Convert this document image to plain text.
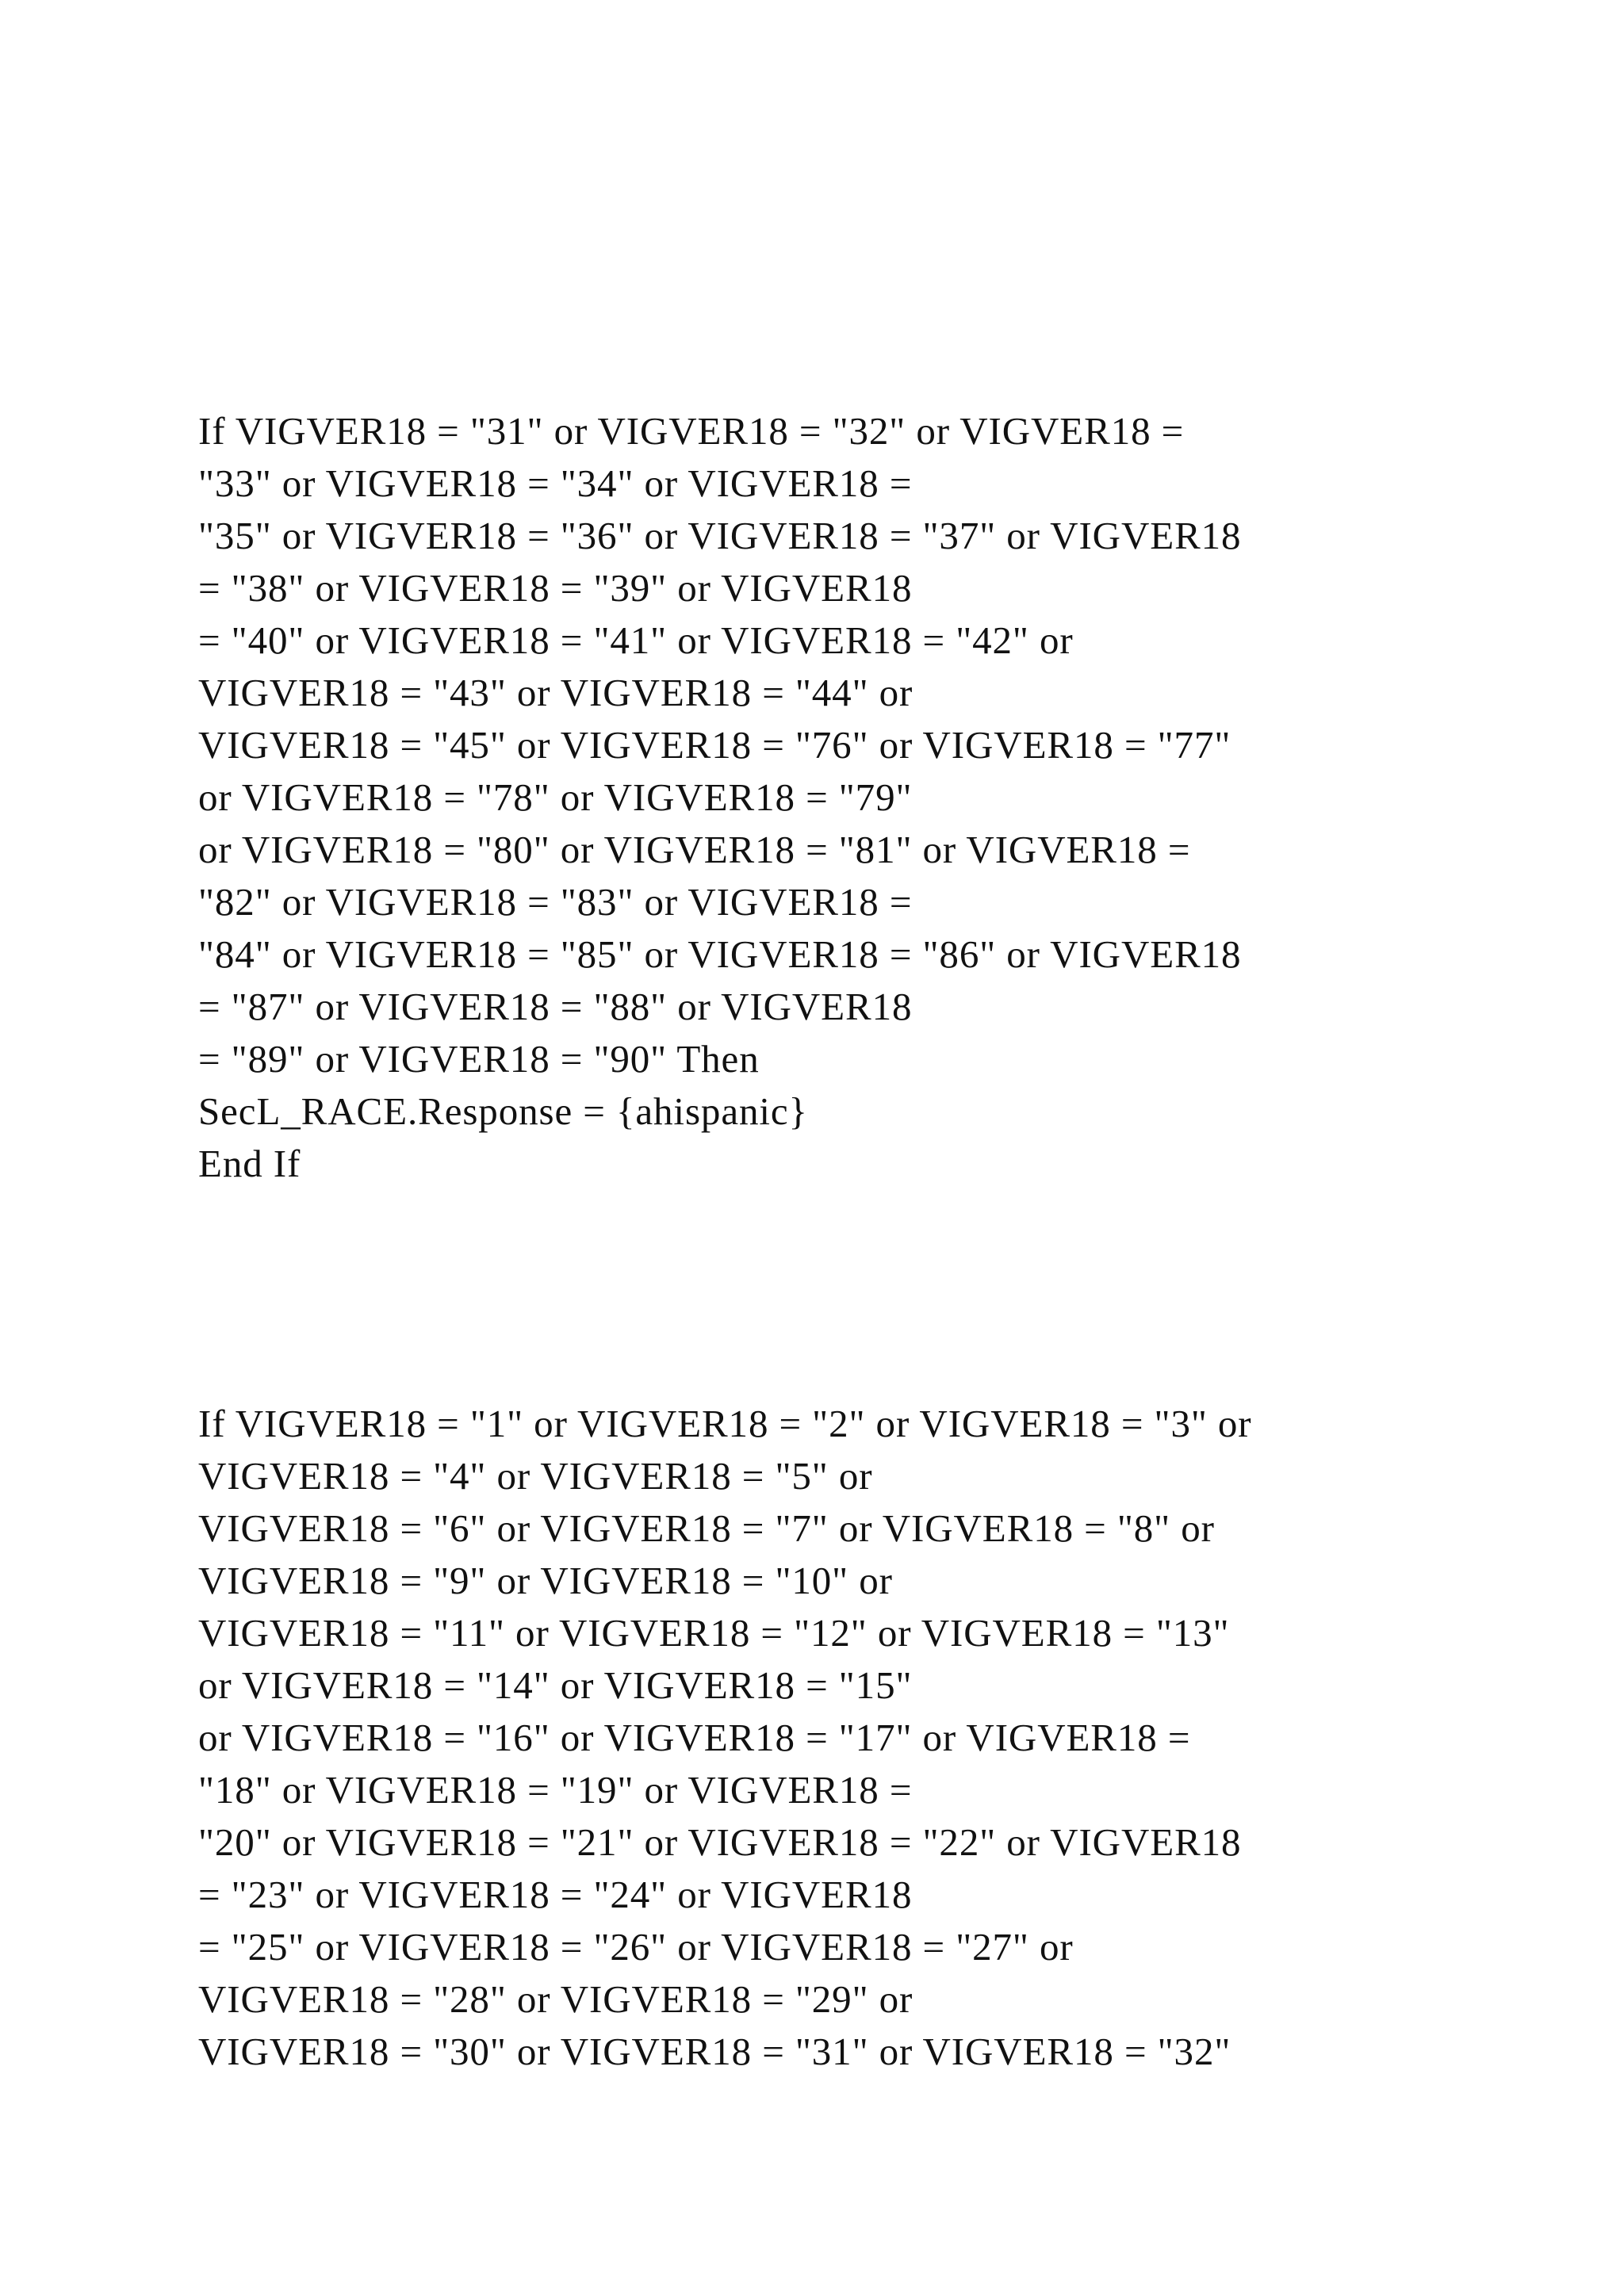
If VIGVER18 = "31" or VIGVER18 = "32" or VIGVER18 =
"33" or VIGVER18 = "34" or VIGVER18 =
"35" or VIGVER18 = "36" or VIGVER18 = "37" or VIGVER18
= "38" or VIGVER18 = "39" or VIGVER18
= "40" or VIGVER18 = "41" or VIGVER18 = "42" or
VIGVER18 = "43" or VIGVER18 = "44" or
VIGVER18 = "45" or VIGVER18 = "76" or VIGVER18 = "77"
or VIGVER18 = "78" or VIGVER18 = "79"
or VIGVER18 = "80" or VIGVER18 = "81" or VIGVER18 =
"82" or VIGVER18 = "83" or VIGVER18 =
"84" or VIGVER18 = "85" or VIGVER18 = "86" or VIGVER18
= "87" or VIGVER18 = "88" or VIGVER18
= "89" or VIGVER18 = "90" Then
SecL_RACE.Response = {ahispanic}
End If
If VIGVER18 = "1" or VIGVER18 = "2" or VIGVER18 = "3" or
VIGVER18 = "4" or VIGVER18 = "5" or
VIGVER18 = "6" or VIGVER18 = "7" or VIGVER18 = "8" or
VIGVER18 = "9" or VIGVER18 = "10" or
VIGVER18 = "11" or VIGVER18 = "12" or VIGVER18 = "13"
or VIGVER18 = "14" or VIGVER18 = "15"
or VIGVER18 = "16" or VIGVER18 = "17" or VIGVER18 =
"18" or VIGVER18 = "19" or VIGVER18 =
"20" or VIGVER18 = "21" or VIGVER18 = "22" or VIGVER18
= "23" or VIGVER18 = "24" or VIGVER18
= "25" or VIGVER18 = "26" or VIGVER18 = "27" or
VIGVER18 = "28" or VIGVER18 = "29" or
VIGVER18 = "30" or VIGVER18 = "31" or VIGVER18 = "32"
